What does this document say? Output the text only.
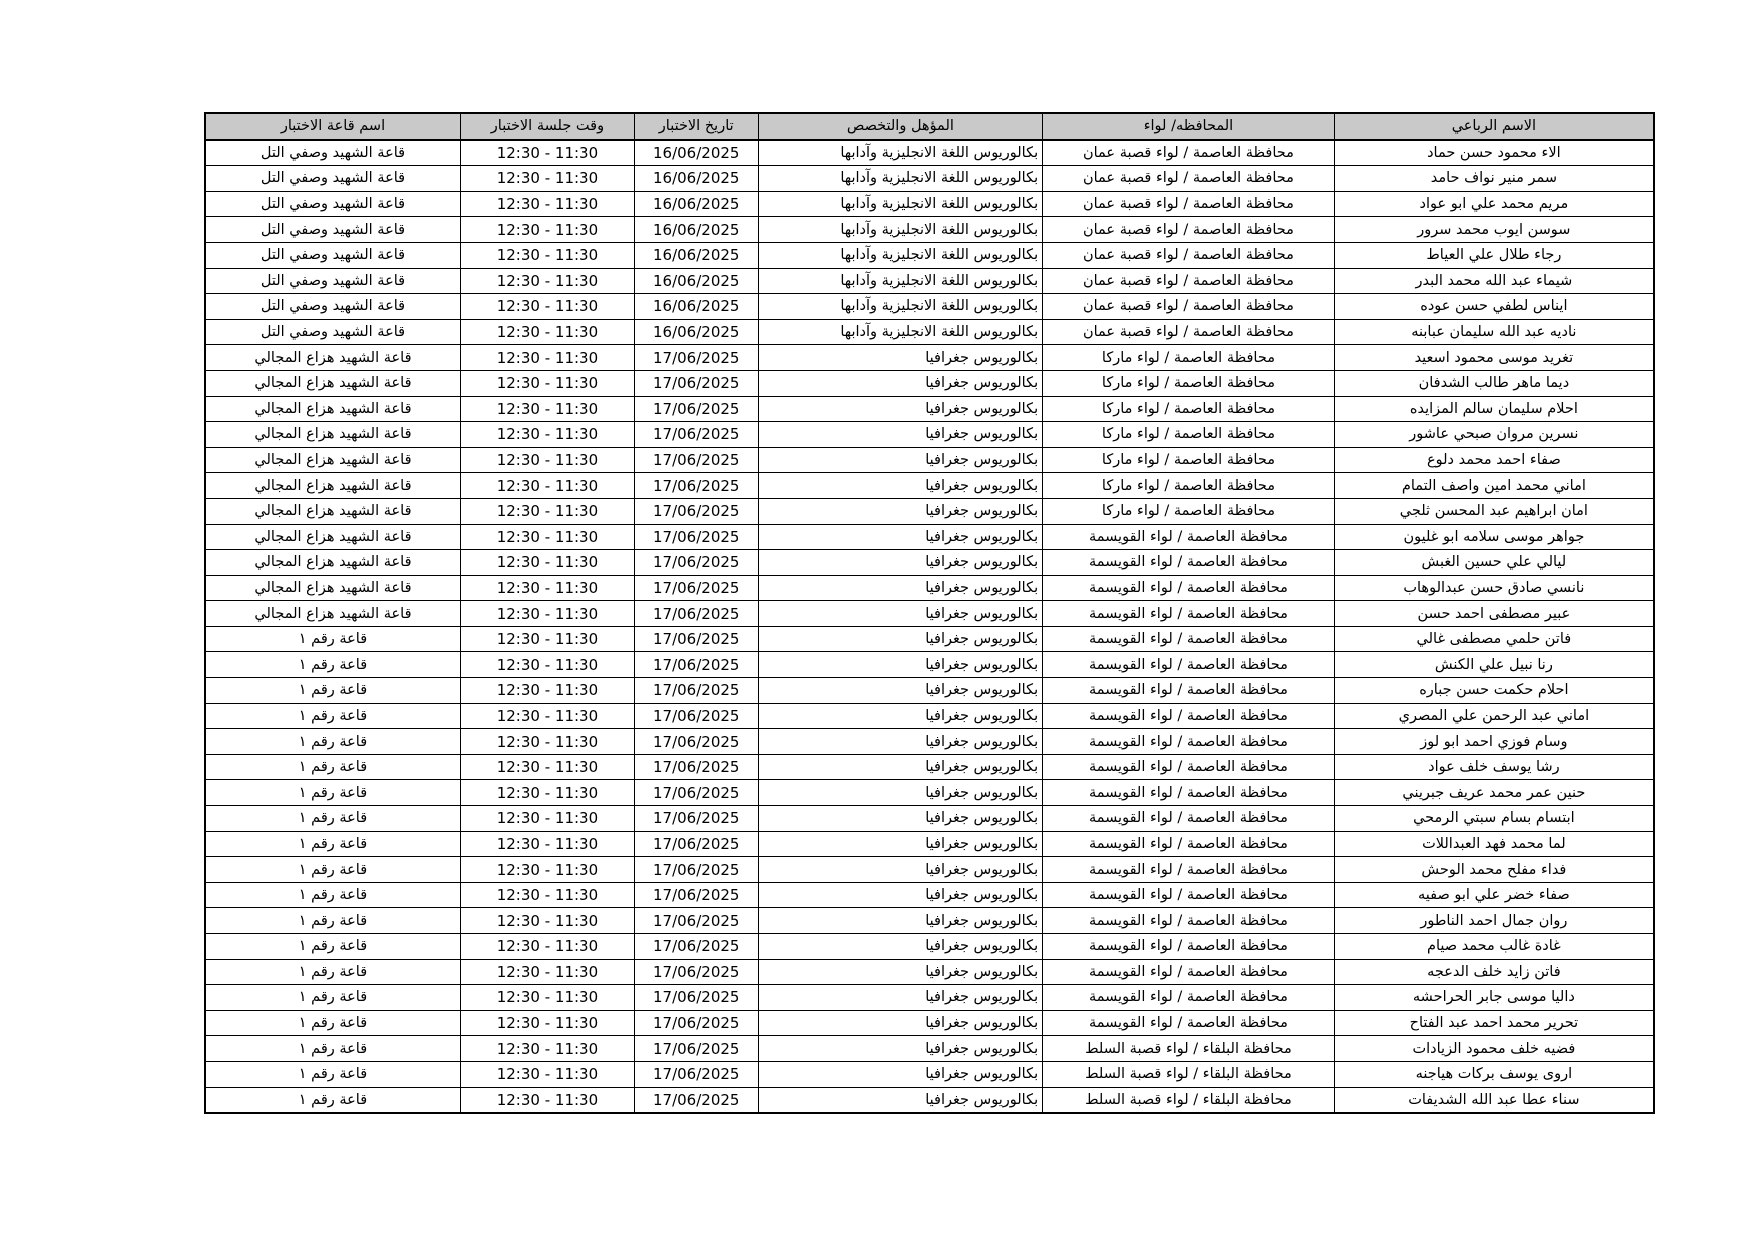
الاسم الرباعي	المحافظه/ لواء	المؤهل والتخصص	تاريخ الاختبار	وقت جلسة الاختبار	اسم قاعة الاختبار
الاء محمود حسن حماد	محافظة العاصمة / لواء قصبة عمان	بكالوريوس اللغة الانجليزية وآدابها	16/06/2025	12:30 - 11:30	قاعة الشهيد وصفي التل
سمر منير نواف حامد	محافظة العاصمة / لواء قصبة عمان	بكالوريوس اللغة الانجليزية وآدابها	16/06/2025	12:30 - 11:30	قاعة الشهيد وصفي التل
مريم محمد علي ابو عواد	محافظة العاصمة / لواء قصبة عمان	بكالوريوس اللغة الانجليزية وآدابها	16/06/2025	12:30 - 11:30	قاعة الشهيد وصفي التل
سوسن ايوب محمد سرور	محافظة العاصمة / لواء قصبة عمان	بكالوريوس اللغة الانجليزية وآدابها	16/06/2025	12:30 - 11:30	قاعة الشهيد وصفي التل
رجاء طلال علي العياط	محافظة العاصمة / لواء قصبة عمان	بكالوريوس اللغة الانجليزية وآدابها	16/06/2025	12:30 - 11:30	قاعة الشهيد وصفي التل
شيماء عبد الله محمد البدر	محافظة العاصمة / لواء قصبة عمان	بكالوريوس اللغة الانجليزية وآدابها	16/06/2025	12:30 - 11:30	قاعة الشهيد وصفي التل
ايناس لطفي حسن عوده	محافظة العاصمة / لواء قصبة عمان	بكالوريوس اللغة الانجليزية وآدابها	16/06/2025	12:30 - 11:30	قاعة الشهيد وصفي التل
ناديه عبد الله سليمان عبابنه	محافظة العاصمة / لواء قصبة عمان	بكالوريوس اللغة الانجليزية وآدابها	16/06/2025	12:30 - 11:30	قاعة الشهيد وصفي التل
تغريد موسى محمود اسعيد	محافظة العاصمة / لواء ماركا	بكالوريوس جغرافيا	17/06/2025	12:30 - 11:30	قاعة الشهيد هزاع المجالي
ديما ماهر طالب الشدفان	محافظة العاصمة / لواء ماركا	بكالوريوس جغرافيا	17/06/2025	12:30 - 11:30	قاعة الشهيد هزاع المجالي
احلام سليمان سالم المزايده	محافظة العاصمة / لواء ماركا	بكالوريوس جغرافيا	17/06/2025	12:30 - 11:30	قاعة الشهيد هزاع المجالي
نسرين مروان صبحي عاشور	محافظة العاصمة / لواء ماركا	بكالوريوس جغرافيا	17/06/2025	12:30 - 11:30	قاعة الشهيد هزاع المجالي
صفاء احمد محمد دلوع	محافظة العاصمة / لواء ماركا	بكالوريوس جغرافيا	17/06/2025	12:30 - 11:30	قاعة الشهيد هزاع المجالي
اماني محمد امين واصف التمام	محافظة العاصمة / لواء ماركا	بكالوريوس جغرافيا	17/06/2025	12:30 - 11:30	قاعة الشهيد هزاع المجالي
امان ابراهيم عبد المحسن ثلجي	محافظة العاصمة / لواء ماركا	بكالوريوس جغرافيا	17/06/2025	12:30 - 11:30	قاعة الشهيد هزاع المجالي
جواهر موسى سلامه ابو غليون	محافظة العاصمة / لواء القويسمة	بكالوريوس جغرافيا	17/06/2025	12:30 - 11:30	قاعة الشهيد هزاع المجالي
ليالي علي حسين الغبش	محافظة العاصمة / لواء القويسمة	بكالوريوس جغرافيا	17/06/2025	12:30 - 11:30	قاعة الشهيد هزاع المجالي
نانسي صادق حسن عبدالوهاب	محافظة العاصمة / لواء القويسمة	بكالوريوس جغرافيا	17/06/2025	12:30 - 11:30	قاعة الشهيد هزاع المجالي
عبير مصطفى احمد حسن	محافظة العاصمة / لواء القويسمة	بكالوريوس جغرافيا	17/06/2025	12:30 - 11:30	قاعة الشهيد هزاع المجالي
فاتن حلمي مصطفى غالي	محافظة العاصمة / لواء القويسمة	بكالوريوس جغرافيا	17/06/2025	12:30 - 11:30	قاعة رقم ١
رنا نبيل علي الكنش	محافظة العاصمة / لواء القويسمة	بكالوريوس جغرافيا	17/06/2025	12:30 - 11:30	قاعة رقم ١
احلام حكمت حسن جباره	محافظة العاصمة / لواء القويسمة	بكالوريوس جغرافيا	17/06/2025	12:30 - 11:30	قاعة رقم ١
اماني عبد الرحمن علي المصري	محافظة العاصمة / لواء القويسمة	بكالوريوس جغرافيا	17/06/2025	12:30 - 11:30	قاعة رقم ١
وسام فوزي احمد ابو لوز	محافظة العاصمة / لواء القويسمة	بكالوريوس جغرافيا	17/06/2025	12:30 - 11:30	قاعة رقم ١
رشا يوسف خلف عواد	محافظة العاصمة / لواء القويسمة	بكالوريوس جغرافيا	17/06/2025	12:30 - 11:30	قاعة رقم ١
حنين عمر محمد عريف جبريني	محافظة العاصمة / لواء القويسمة	بكالوريوس جغرافيا	17/06/2025	12:30 - 11:30	قاعة رقم ١
ابتسام بسام سبتي الرمحي	محافظة العاصمة / لواء القويسمة	بكالوريوس جغرافيا	17/06/2025	12:30 - 11:30	قاعة رقم ١
لما محمد فهد العبداللات	محافظة العاصمة / لواء القويسمة	بكالوريوس جغرافيا	17/06/2025	12:30 - 11:30	قاعة رقم ١
فداء مفلح محمد الوحش	محافظة العاصمة / لواء القويسمة	بكالوريوس جغرافيا	17/06/2025	12:30 - 11:30	قاعة رقم ١
صفاء خضر علي ابو صفيه	محافظة العاصمة / لواء القويسمة	بكالوريوس جغرافيا	17/06/2025	12:30 - 11:30	قاعة رقم ١
روان جمال احمد الناطور	محافظة العاصمة / لواء القويسمة	بكالوريوس جغرافيا	17/06/2025	12:30 - 11:30	قاعة رقم ١
غادة غالب محمد صيام	محافظة العاصمة / لواء القويسمة	بكالوريوس جغرافيا	17/06/2025	12:30 - 11:30	قاعة رقم ١
فاتن زايد خلف الدعجه	محافظة العاصمة / لواء القويسمة	بكالوريوس جغرافيا	17/06/2025	12:30 - 11:30	قاعة رقم ١
داليا موسى جابر الحراحشه	محافظة العاصمة / لواء القويسمة	بكالوريوس جغرافيا	17/06/2025	12:30 - 11:30	قاعة رقم ١
تحرير محمد احمد عبد الفتاح	محافظة العاصمة / لواء القويسمة	بكالوريوس جغرافيا	17/06/2025	12:30 - 11:30	قاعة رقم ١
فضيه خلف محمود الزيادات	محافظة البلقاء / لواء قصبة السلط	بكالوريوس جغرافيا	17/06/2025	12:30 - 11:30	قاعة رقم ١
اروى يوسف بركات هياجنه	محافظة البلقاء / لواء قصبة السلط	بكالوريوس جغرافيا	17/06/2025	12:30 - 11:30	قاعة رقم ١
سناء عطا عبد الله الشديفات	محافظة البلقاء / لواء قصبة السلط	بكالوريوس جغرافيا	17/06/2025	12:30 - 11:30	قاعة رقم ١
